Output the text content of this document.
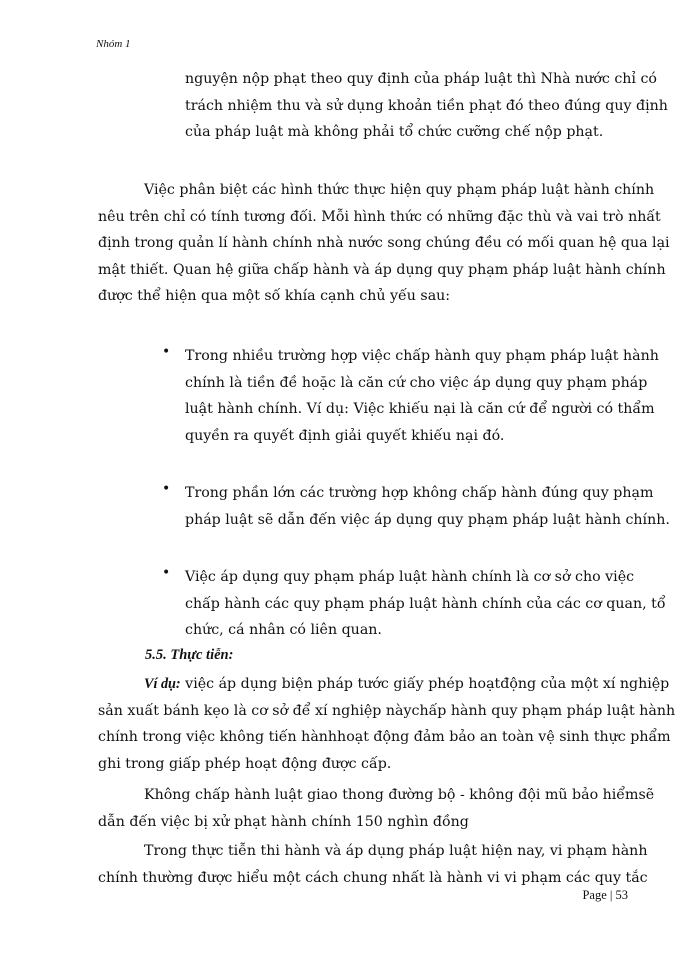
Nhóm 1
nguyện nộp phạt theo quy định của pháp luật thì Nhà nước chỉ có
trách nhiệm thu và sử dụng khoản tiền phạt đó theo đúng quy định
của pháp luật mà không phải tổ chức cưỡng chế nộp phạt.
Việc phân biệt các hình thức thực hiện quy phạm pháp luật hành chính
nêu trên chỉ có tính tương đối. Mỗi hình thức có những đặc thù và vai trò nhất
định trong quản lí hành chính nhà nước song chúng đều có mối quan hệ qua lại
mật thiết. Quan hệ giữa chấp hành và áp dụng quy phạm pháp luật hành chính
được thể hiện qua một số khía cạnh chủ yếu sau:
• Trong nhiều trường hợp việc chấp hành quy phạm pháp luật hành
chính là tiền đề hoặc là căn cứ cho việc áp dụng quy phạm pháp
luật hành chính. Ví dụ: Việc khiếu nại là căn cứ để người có thẩm
quyền ra quyết định giải quyết khiếu nại đó.
• Trong phần lớn các trường hợp không chấp hành đúng quy phạm
pháp luật sẽ dẫn đến việc áp dụng quy phạm pháp luật hành chính.
• Việc áp dụng quy phạm pháp luật hành chính là cơ sở cho việc
chấp hành các quy phạm pháp luật hành chính của các cơ quan, tổ
chức, cá nhân có liên quan.
5.5. Thực tiễn:
Ví dụ: việc áp dụng biện pháp tước giấy phép hoạtđộng của một xí nghiệp
sản xuất bánh kẹo là cơ sở để xí nghiệp nàychấp hành quy phạm pháp luật hành
chính trong việc không tiến hànhhoạt động đảm bảo an toàn vệ sinh thực phẩm
ghi trong giấp phép hoạt động được cấp.
Không chấp hành luật giao thong đường bộ - không đội mũ bảo hiểmsẽ
dẫn đến việc bị xử phạt hành chính 150 nghìn đồng
Trong thực tiễn thi hành và áp dụng pháp luật hiện nay, vi phạm hành
chính thường được hiểu một cách chung nhất là hành vi vi phạm các quy tắc
Page | 53
